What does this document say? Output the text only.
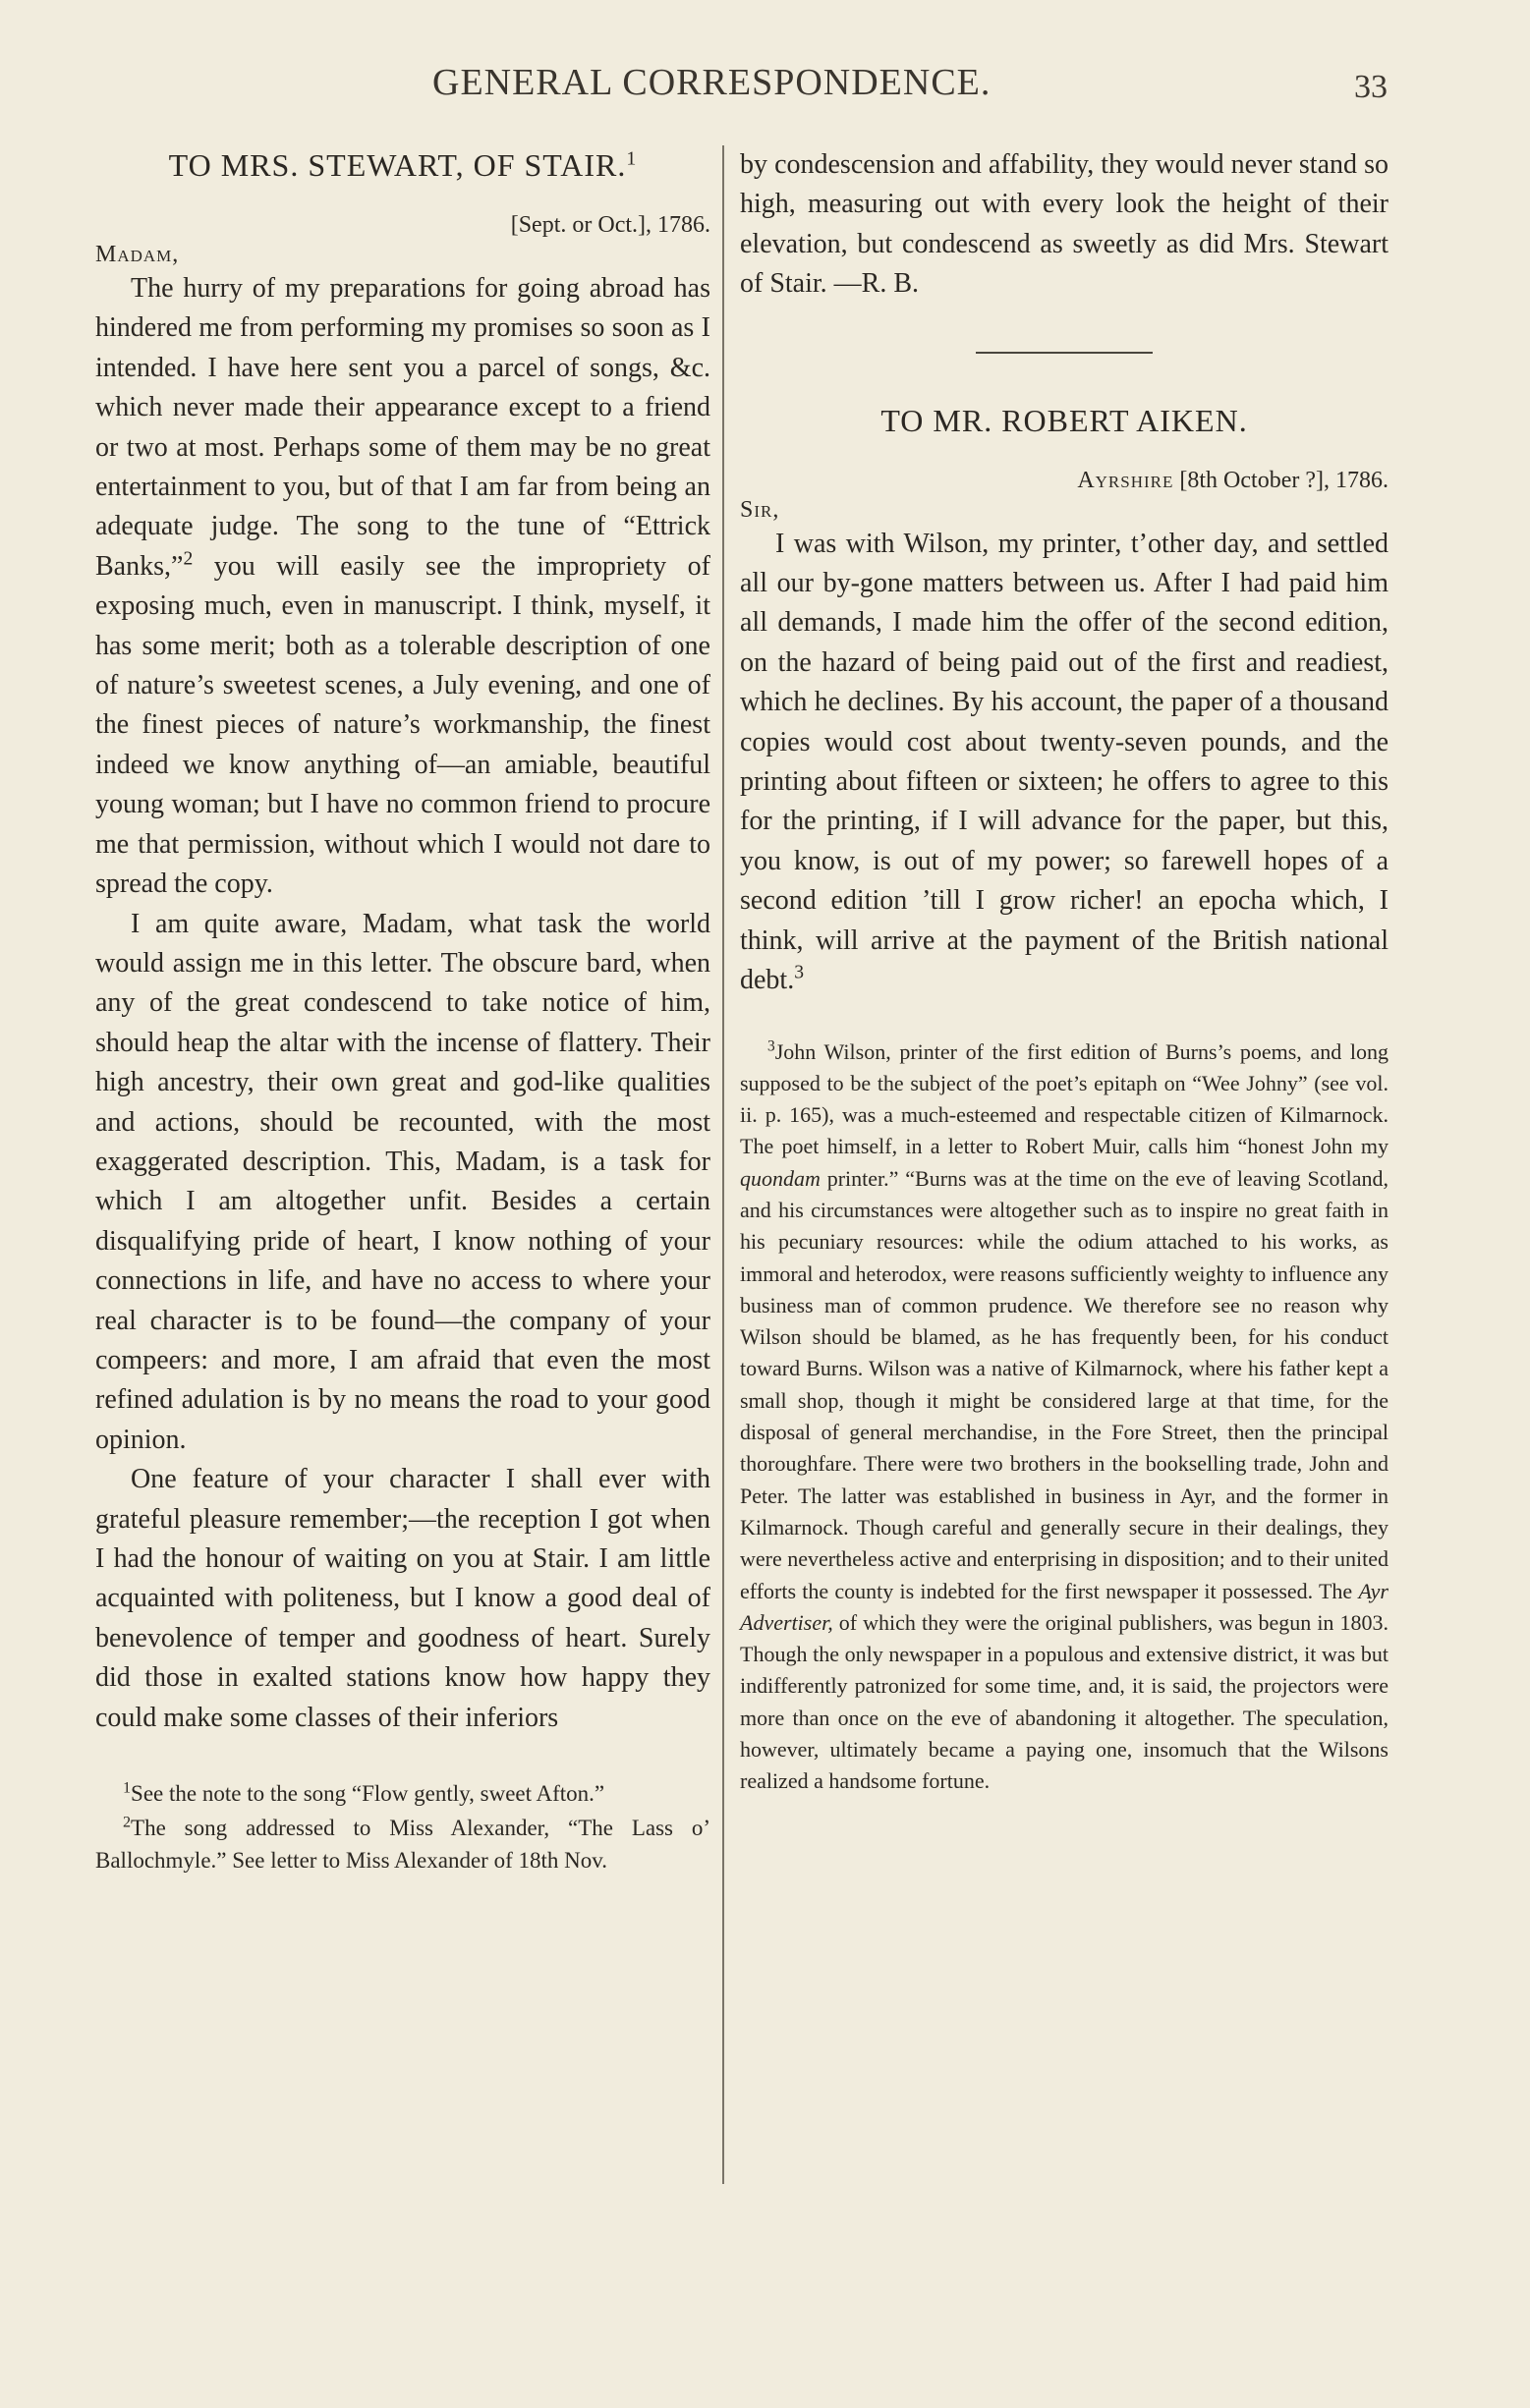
GENERAL CORRESPONDENCE.	33
TO MRS. STEWART, OF STAIR.$^1$

[Sept. or Oct.], 1786.

Madam,

The hurry of my preparations for going abroad has hindered me from performing my promises so soon as I intended. I have here sent you a parcel of songs, &c. which never made their appearance except to a friend or two at most. Perhaps some of them may be no great entertainment to you, but of that I am far from being an adequate judge. The song to the tune of “Ettrick Banks,”$^2$ you will easily see the impropriety of exposing much, even in manuscript. I think, myself, it has some merit; both as a tolerable description of one of nature’s sweetest scenes, a July evening, and one of the finest pieces of nature’s workmanship, the finest indeed we know anything of—an amiable, beautiful young woman; but I have no common friend to procure me that permission, without which I would not dare to spread the copy.

I am quite aware, Madam, what task the world would assign me in this letter. The obscure bard, when any of the great condescend to take notice of him, should heap the altar with the incense of flattery. Their high ancestry, their own great and god-like qualities and actions, should be recounted, with the most exaggerated description. This, Madam, is a task for which I am altogether unfit. Besides a certain disqualifying pride of heart, I know nothing of your connections in life, and have no access to where your real character is to be found—the company of your compeers: and more, I am afraid that even the most refined adulation is by no means the road to your good opinion.

One feature of your character I shall ever with grateful pleasure remember;—the reception I got when I had the honour of waiting on you at Stair. I am little acquainted with politeness, but I know a good deal of benevolence of temper and goodness of heart. Surely did those in exalted stations know how happy they could make some classes of their inferiors

$^1$See the note to the song “Flow gently, sweet Afton.”

$^2$The song addressed to Miss Alexander, “The Lass o’ Ballochmyle.” See letter to Miss Alexander of 18th Nov.

by condescension and affability, they would never stand so high, measuring out with every look the height of their elevation, but condescend as sweetly as did Mrs. Stewart of Stair. —R. B.

TO MR. ROBERT AIKEN.

Ayrshire [8th October ?], 1786.

Sir,

I was with Wilson, my printer, t’other day, and settled all our by-gone matters between us. After I had paid him all demands, I made him the offer of the second edition, on the hazard of being paid out of the first and readiest, which he declines. By his account, the paper of a thousand copies would cost about twenty-seven pounds, and the printing about fifteen or sixteen; he offers to agree to this for the printing, if I will advance for the paper, but this, you know, is out of my power; so farewell hopes of a second edition ’till I grow richer! an epocha which, I think, will arrive at the payment of the British national debt.$^3$

$^3$John Wilson, printer of the first edition of Burns’s poems, and long supposed to be the subject of the poet’s epitaph on “Wee Johny” (see vol. ii. p. 165), was a much-esteemed and respectable citizen of Kilmarnock. The poet himself, in a letter to Robert Muir, calls him “honest John my quondam printer.” “Burns was at the time on the eve of leaving Scotland, and his circumstances were altogether such as to inspire no great faith in his pecuniary resources: while the odium attached to his works, as immoral and heterodox, were reasons sufficiently weighty to influence any business man of common prudence. We therefore see no reason why Wilson should be blamed, as he has frequently been, for his conduct toward Burns. Wilson was a native of Kilmarnock, where his father kept a small shop, though it might be considered large at that time, for the disposal of general merchandise, in the Fore Street, then the principal thoroughfare. There were two brothers in the bookselling trade, John and Peter. The latter was established in business in Ayr, and the former in Kilmarnock. Though careful and generally secure in their dealings, they were nevertheless active and enterprising in disposition; and to their united efforts the county is indebted for the first newspaper it possessed. The Ayr Advertiser, of which they were the original publishers, was begun in 1803. Though the only newspaper in a populous and extensive district, it was but indifferently patronized for some time, and, it is said, the projectors were more than once on the eve of abandoning it altogether. The speculation, however, ultimately became a paying one, insomuch that the Wilsons realized a handsome fortune.
